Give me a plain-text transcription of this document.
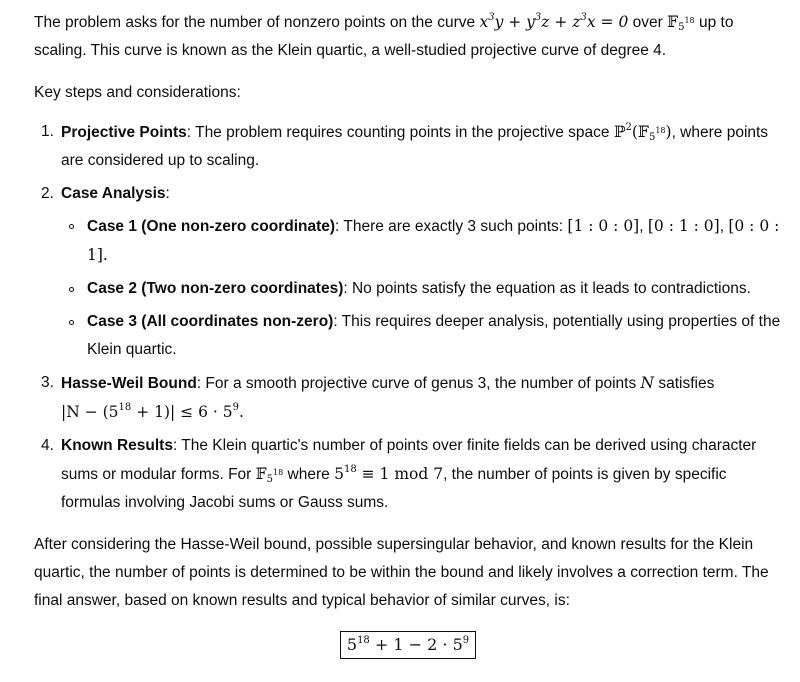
The problem asks for the number of nonzero points on the curve $x^3y + y^3z + z^3x = 0$ over 𝔽$_{5^{18}}$ up to scaling. This curve is known as the Klein quartic, a well-studied projective curve of degree 4.

Key steps and considerations:

1. Projective Points: The problem requires counting points in the projective space ℙ$^2$(𝔽$_{5^{18}}$), where points are considered up to scaling.

2. Case Analysis:

Case 1 (One non-zero coordinate): There are exactly 3 such points: [1 : 0 : 0], [0 : 1 : 0], [0 : 0 : 1].

Case 2 (Two non-zero coordinates): No points satisfy the equation as it leads to contradictions.

Case 3 (All coordinates non-zero): This requires deeper analysis, potentially using properties of the Klein quartic.

3. Hasse-Weil Bound: For a smooth projective curve of genus 3, the number of points N satisfies
$|N - (5^{18} + 1)| \le 6 \cdot 5^9$.

4. Known Results: The Klein quartic's number of points over finite fields can be derived using character sums or modular forms. For 𝔽$_{5^{18}}$ where $5^{18} \equiv 1$ mod 7, the number of points is given by specific formulas involving Jacobi sums or Gauss sums.

After considering the Hasse-Weil bound, possible supersingular behavior, and known results for the Klein quartic, the number of points is determined to be within the bound and likely involves a correction term. The final answer, based on known results and typical behavior of similar curves, is:

$5^{18} + 1 - 2 \cdot 5^9$
